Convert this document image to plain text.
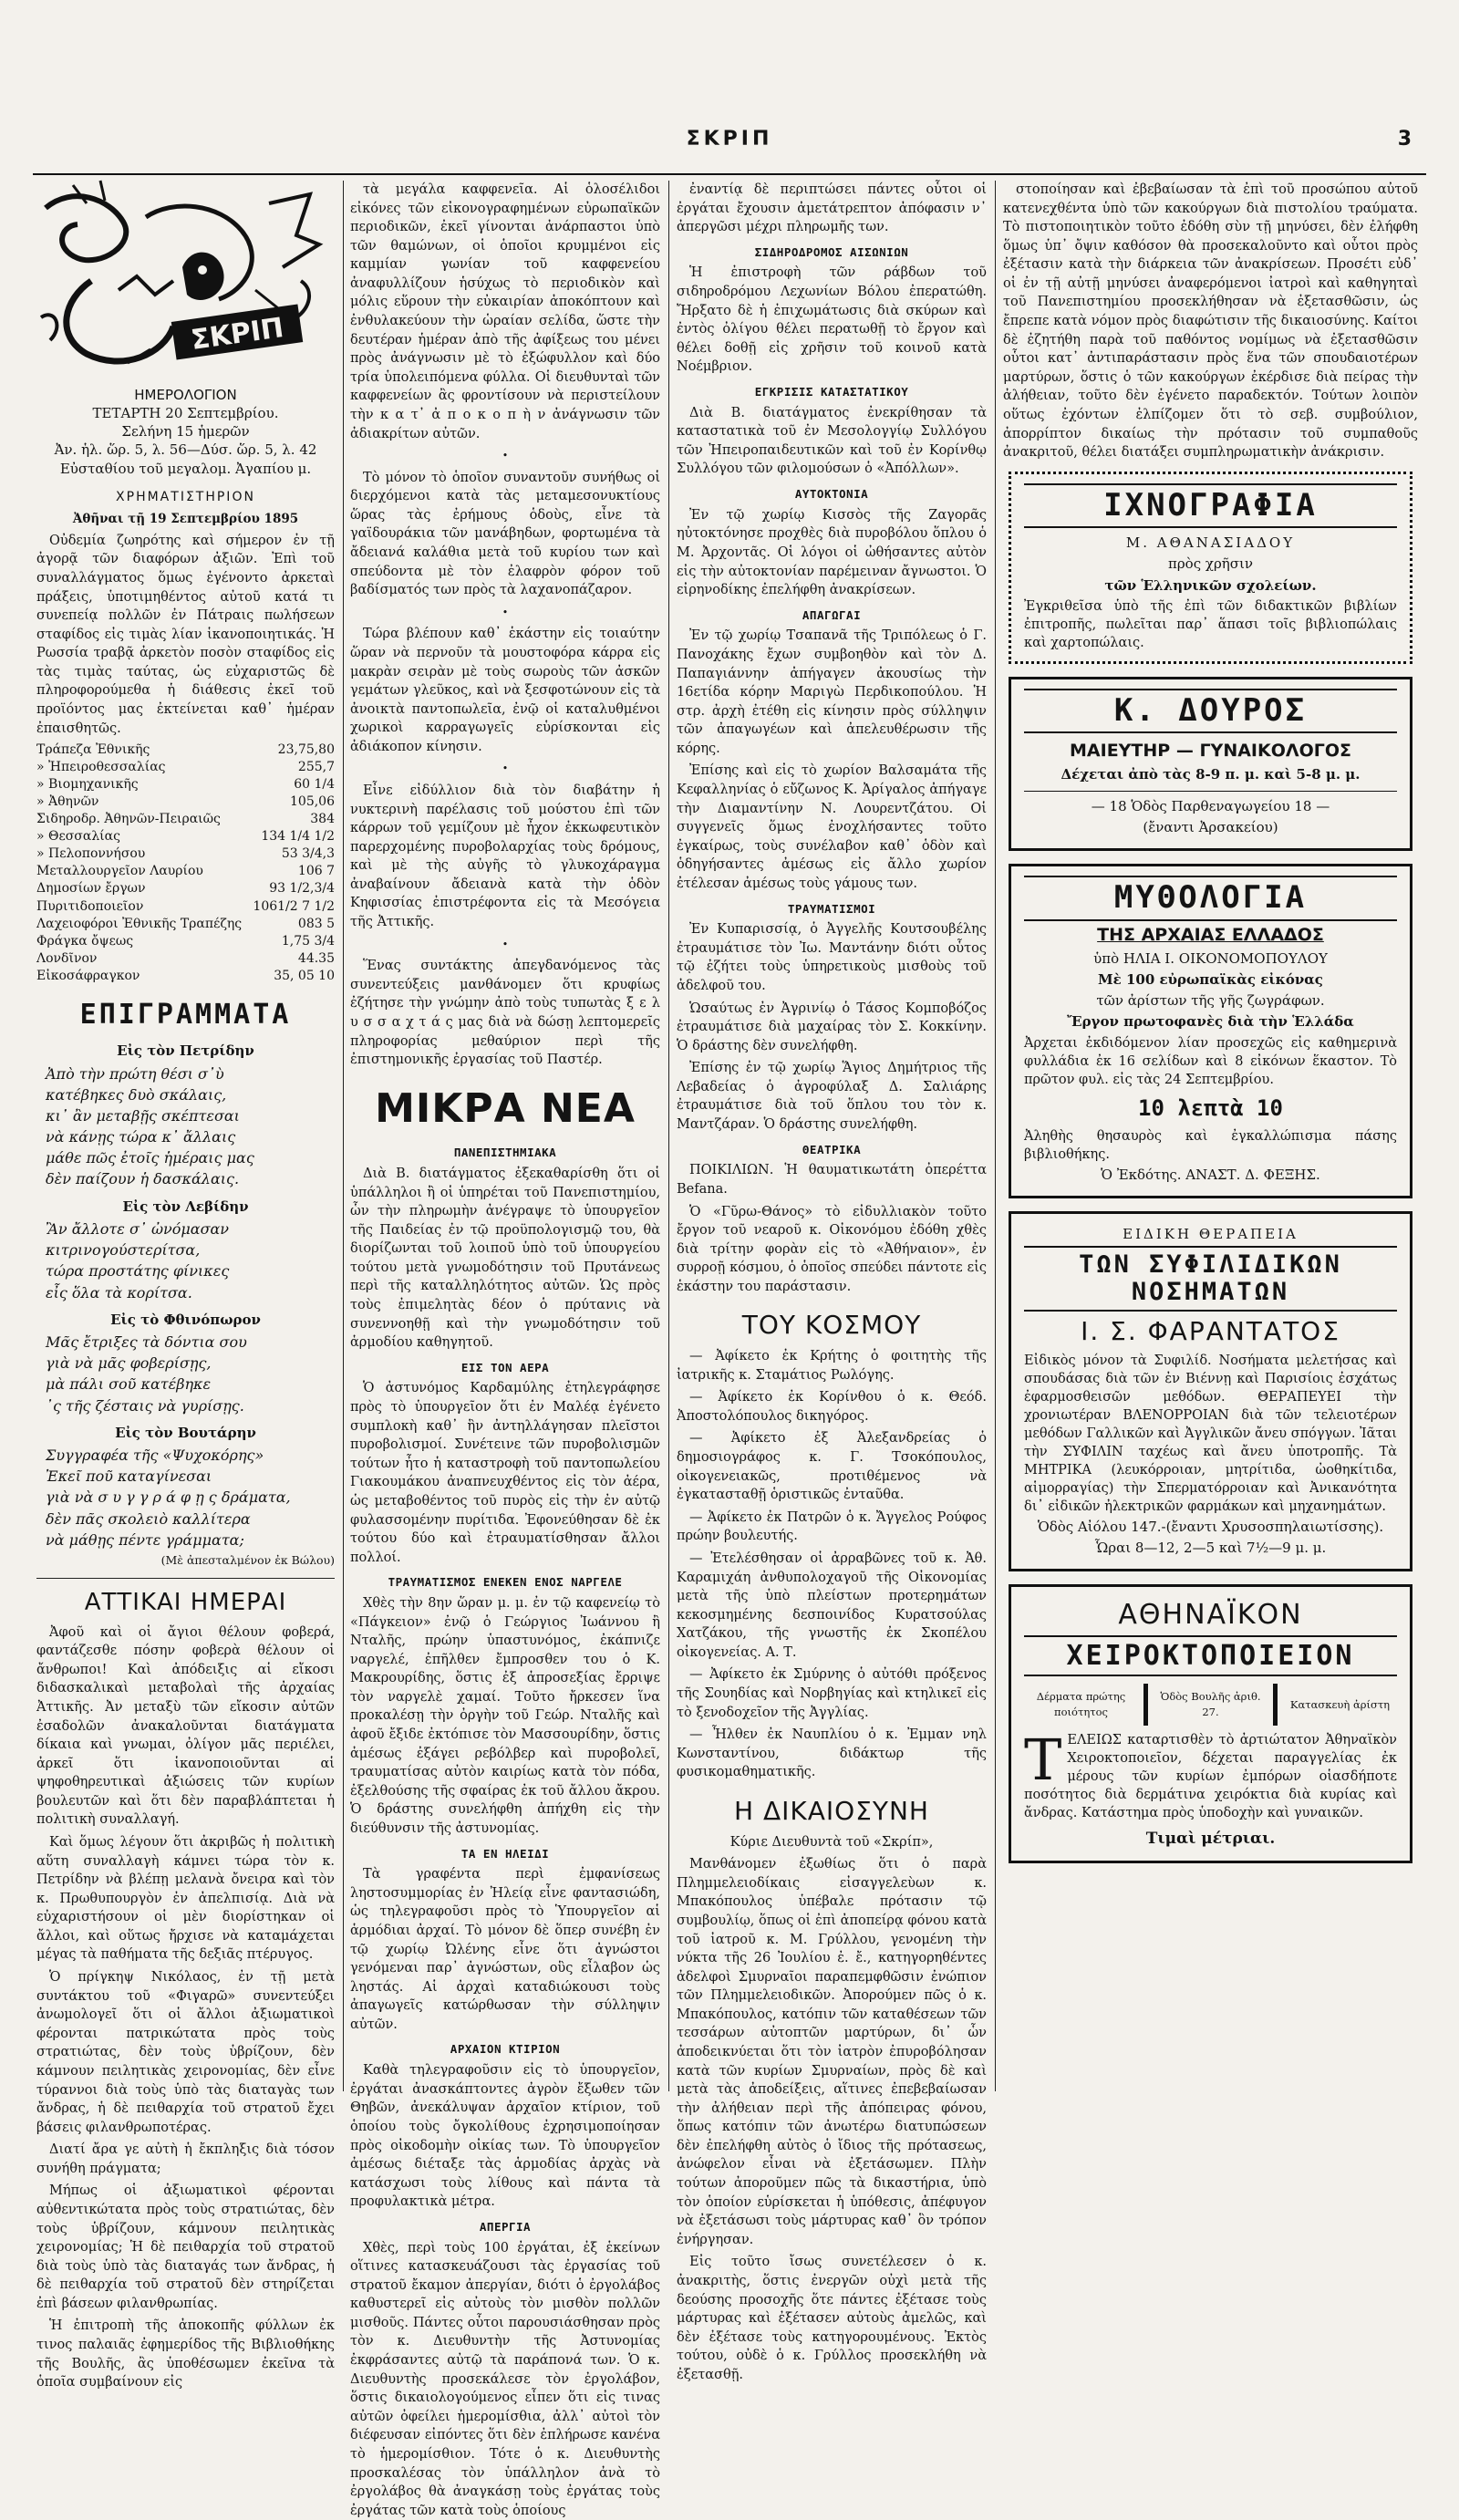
ΣΚΡΙΠ	3
ΣΚΡΙΠ
ΗΜΕΡΟΛΟΓΙΟΝ
ΤΕΤΑΡΤΗ 20 Σεπτεμβρίου.
Σελήνη 15 ἡμερῶν
Ἀν. ἡλ. ὥρ. 5, λ. 56—Δύσ. ὥρ. 5, λ. 42
Εὐσταθίου τοῦ μεγαλομ. Ἀγαπίου μ.
ΧΡΗΜΑΤΙΣΤΗΡΙΟΝ

Ἀθῆναι τῇ 19 Σεπτεμβρίου 1895

Οὐδεμία ζωηρότης καὶ σήμερον ἐν τῇ ἀγορᾷ τῶν διαφόρων ἀξιῶν. Ἐπὶ τοῦ συναλλάγματος ὅμως ἐγένοντο ἀρκεταὶ πράξεις, ὑποτιμηθέντος αὐτοῦ κατά τι συνεπείᾳ πολλῶν ἐν Πάτραις πωλήσεων σταφίδος εἰς τιμὰς λίαν ἱκανοποιητικάς. Ἡ Ρωσσία τραβᾷ ἀρκετὸν ποσὸν σταφίδος εἰς τὰς τιμὰς ταύτας, ὡς εὐχαριστῶς δὲ πληροφορούμεθα ἡ διάθεσις ἐκεῖ τοῦ προϊόντος μας ἐκτείνεται καθ᾽ ἡμέραν ἐπαισθητῶς.

Τράπεζα Ἐθνικῆς	23,75,80
» Ἠπειροθεσσαλίας	255,7
» Βιομηχανικῆς	60 1/4
» Ἀθηνῶν	105,06
Σιδηροδρ. Ἀθηνῶν-Πειραιῶς	384
» Θεσσαλίας	134 1/4 1/2
» Πελοποννήσου	53 3/4,3
Μεταλλουργεῖον Λαυρίου	106 7
Δημοσίων ἔργων	93 1/2,3/4
Πυριτιδοποιεῖον	1061/2 7 1/2
Λαχειοφόροι Ἐθνικῆς Τραπέζης	083 5
Φράγκα ὄψεως	1,75 3/4
Λονδῖνον	44.35
Εἰκοσάφραγκον	35, 05 10
ΕΠΙΓΡΑΜΜΑΤΑ
Εἰς τὸν Πετρίδην
Ἀπὸ τὴν πρώτη θέσι σ᾽ὺ
κατέβηκες δυὸ σκάλαις,
κι᾽ ἂν μεταβῇς σκέπτεσαι
νὰ κάνῃς τώρα κ᾽ ἄλλαις
μάθε πῶς ἐτοῖς ἡμέραις μας
δὲν παίζουν ἡ δασκάλαις.
Εἰς τὸν Λεβίδην
Ἂν ἄλλοτε σ᾽ ὠνόμασαν
κιτρινογούστερίτσα,
τώρα προστάτης φίνικες
εἶς ὅλα τὰ κορίτσα.
Εἰς τὸ Φθινόπωρον
Μᾶς ἔτριξες τὰ δόντια σου
γιὰ νὰ μᾶς φοβερίσῃς,
μὰ πάλι σοῦ κατέβηκε
᾿ς τῆς ζέσταις νὰ γυρίσῃς.
Εἰς τὸν Βουτάρην
Συγγραφέα τῆς «Ψυχοκόρης»
Ἐκεῖ ποῦ καταγίνεσαι
γιὰ νὰ σ υ γ γ ρ ά φ ῃ ς δράματα,
δὲν πᾶς σκολειὸ καλλίτερα
νὰ μάθῃς πέντε γράμματα;
(Μὲ ἀπεσταλμένον ἐκ Βώλου)
ΑΤΤΙΚΑΙ ΗΜΕΡΑΙ

Ἀφοῦ καὶ οἱ ἄγιοι θέλουν φοβερά, φαντάζεσθε πόσην φοβερὰ θέλουν οἱ ἄνθρωποι! Καὶ ἀπόδειξις αἱ εἴκοσι διδασκαλικαὶ μεταβολαὶ τῆς ἀρχαίας Ἀττικῆς. Ἀν μεταξὺ τῶν εἴκοσιν αὐτῶν ἐσαδολῶν ἀνακαλοῦνται διατάγματα δίκαια καὶ γνωμαι, ὀλίγον μᾶς περιέλει, ἀρκεῖ ὅτι ἱκανοποιοῦνται αἱ ψηφοθηρευτικαὶ ἀξιώσεις τῶν κυρίων βουλευτῶν καὶ ὅτι δὲν παραβλάπτεται ἡ πολιτικὴ συναλλαγή.

Καὶ ὅμως λέγουν ὅτι ἀκριβῶς ἡ πολιτικὴ αὕτη συναλλαγὴ κάμνει τώρα τὸν κ. Πετρίδην νὰ βλέπῃ μελανὰ ὄνειρα καὶ τὸν κ. Πρωθυπουργὸν ἐν ἀπελπισίᾳ. Διὰ νὰ εὐχαριστήσουν οἱ μὲν διορίστηκαν οἱ ἄλλοι, καὶ οὕτως ἤρχισε νὰ καταμάχεται μέγας τὰ παθήματα τῆς δεξιᾶς πτέρυγος.

Ὁ πρίγκηψ Νικόλαος, ἐν τῇ μετὰ συντάκτου τοῦ «Φιγαρῶ» συνεντεύξει ἀνωμολογεῖ ὅτι οἱ ἄλλοι ἀξιωματικοὶ φέρονται πατρικώτατα πρὸς τοὺς στρατιώτας, δὲν τοὺς ὑβρίζουν, δὲν κάμνουν πειλητικὰς χειρονομίας, δὲν εἶνε τύραννοι διὰ τοὺς ὑπὸ τὰς διαταγὰς των ἄνδρας, ἡ δὲ πειθαρχία τοῦ στρατοῦ ἔχει βάσεις φιλανθρωποτέρας.

Διατί ἄρα γε αὐτὴ ἡ ἔκπληξις διὰ τόσον συνήθη πράγματα;

Μήπως οἱ ἀξιωματικοὶ φέρονται αὐθεντικώτατα πρὸς τοὺς στρατιώτας, δὲν τοὺς ὑβρίζουν, κάμνουν πειλητικὰς χειρονομίας; Ἡ δὲ πειθαρχία τοῦ στρατοῦ διὰ τοὺς ὑπὸ τὰς διαταγάς των ἄνδρας, ἡ δὲ πειθαρχία τοῦ στρατοῦ δὲν στηρίζεται ἐπὶ βάσεων φιλανθρωπίας.

Ἡ ἐπιτροπὴ τῆς ἀποκοπῆς φύλλων ἐκ τινος παλαιᾶς ἐφημερίδος τῆς Βιβλιοθήκης τῆς Βουλῆς, ἂς ὑποθέσωμεν ἐκεῖνα τὰ ὁποῖα συμβαίνουν εἰς

τὰ μεγάλα καφφενεῖα. Αἱ ὁλοσέλιδοι εἰκόνες τῶν εἰκονογραφημένων εὐρωπαϊκῶν περιοδικῶν, ἐκεῖ γίνονται ἀνάρπαστοι ὑπὸ τῶν θαμώνων, οἱ ὁποῖοι κρυμμένοι εἰς καμμίαν γωνίαν τοῦ καφφενείου ἀναφυλλίζουν ἡσύχως τὸ περιοδικὸν καὶ μόλις εὕρουν τὴν εὐκαιρίαν ἀποκόπτουν καὶ ἐνθυλακεύουν τὴν ὡραίαν σελίδα, ὥστε τὴν δευτέραν ἡμέραν ἀπὸ τῆς ἀφίξεως του μένει πρὸς ἀνάγνωσιν μὲ τὸ ἐξώφυλλον καὶ δύο τρία ὑπολειπόμενα φύλλα. Οἱ διευθυνταὶ τῶν καφφενείων ἂς φροντίσουν νὰ περιστείλουν τὴν κ α τ᾽ ἀ π ο κ ο π ὴ ν ἀνάγνωσιν τῶν ἀδιακρίτων αὐτῶν.

•

Τὸ μόνον τὸ ὁποῖον συναντοῦν συνήθως οἱ διερχόμενοι κατὰ τὰς μεταμεσονυκτίους ὥρας τὰς ἐρήμους ὁδοὺς, εἶνε τὰ γαϊδουράκια τῶν μανάβηδων, φορτωμένα τὰ ἄδειανά καλάθια μετὰ τοῦ κυρίου των καὶ σπεύδοντα μὲ τὸν ἐλαφρὸν φόρον τοῦ βαδίσματός των πρὸς τὰ λαχανοπάζαρον.

•

Τώρα βλέπουν καθ᾽ ἑκάστην εἰς τοιαύτην ὥραν νὰ περνοῦν τὰ μουστοφόρα κάρρα εἰς μακρὰν σειρὰν μὲ τοὺς σωροὺς τῶν ἀσκῶν γεμάτων γλεῦκος, καὶ νὰ ξεσφοτώνουν εἰς τὰ ἀνοικτὰ παντοπωλεῖα, ἐνῷ οἱ καταλυθμένοι χωρικοὶ καρραγωγεῖς εὑρίσκονται εἰς ἀδιάκοπον κίνησιν.

•

Εἶνε εἰδύλλιον διὰ τὸν διαβάτην ἡ νυκτερινὴ παρέλασις τοῦ μούστου ἐπὶ τῶν κάρρων τοῦ γεμίζουν μὲ ἦχον ἐκκωφευτικὸν παρερχομένης πυροβολαρχίας τοὺς δρόμους, καὶ μὲ τὴς αὐγῆς τὸ γλυκοχάραγμα ἀναβαίνουν ἄδειανὰ κατὰ τὴν ὁδὸν Κηφισσίας ἐπιστρέφοντα εἰς τὰ Μεσόγεια τῆς Ἀττικῆς.

•

Ἕνας συντάκτης ἀπεγδανόμενος τὰς συνεντεύξεις μανθάνομεν ὅτι κρυφίως ἐζήτησε τὴν γνώμην ἀπὸ τοὺς τυπωτὰς ξ ε λ υ σ σ α χ τ ά ς μας διὰ νὰ δώσῃ λεπτομερεῖς πληροφορίας μεθαύριον περὶ τῆς ἐπιστημονικῆς ἐργασίας τοῦ Παστέρ.

ΜΙΚΡΑ ΝΕΑ
ΠΑΝΕΠΙΣΤΗΜΙΑΚΑ

Διὰ Β. διατάγματος ἐξεκαθαρίσθη ὅτι οἱ ὑπάλληλοι ἢ οἱ ὑπηρέται τοῦ Πανεπιστημίου, ὧν τὴν πληρωμὴν ἀνέγραψε τὸ ὑπουργεῖον τῆς Παιδείας ἐν τῷ προϋπολογισμῷ του, θὰ διορίζωνται τοῦ λοιποῦ ὑπὸ τοῦ ὑπουργείου τούτου μετὰ γνωμοδότησιν τοῦ Πρυτάνεως περὶ τῆς καταλληλότητος αὐτῶν. Ὡς πρὸς τοὺς ἐπιμελητὰς δέον ὁ πρύτανις νὰ συνεννοηθῇ καὶ τὴν γνωμοδότησιν τοῦ ἁρμοδίου καθηγητοῦ.

ΕΙΣ ΤΟΝ ΑΕΡΑ

Ὁ ἀστυνόμος Καρδαμύλης ἐτηλεγράφησε πρὸς τὸ ὑπουργεῖον ὅτι ἐν Μαλέᾳ ἐγένετο συμπλοκὴ καθ᾽ ἣν ἀντηλλάγησαν πλεῖστοι πυροβολισμοί. Συνέτεινε τῶν πυροβολισμῶν τούτων ἦτο ἡ καταστροφὴ τοῦ παντοπωλείου Γιακουμάκου ἀναπνευχθέντος εἰς τὸν ἀέρα, ὡς μεταβοθέντος τοῦ πυρὸς εἰς τὴν ἐν αὐτῷ φυλασσομένην πυρίτιδα. Ἐφονεύθησαν δὲ ἐκ τούτου δύο καὶ ἐτραυματίσθησαν ἄλλοι πολλοί.

ΤΡΑΥΜΑΤΙΣΜΟΣ ΕΝΕΚΕΝ ΕΝΟΣ ΝΑΡΓΕΛΕ

Χθὲς τὴν 8ην ὥραν μ. μ. ἐν τῷ καφενείῳ τὸ «Πάγκειον» ἐνῷ ὁ Γεώργιος Ἰωάννου ἢ Νταλῆς, πρώην ὑπαστυνόμος, ἐκάπνιζε ναργελέ, ἐπῆλθεν ἔμπροσθεν του ὁ Κ. Μακρουρίδης, ὅστις ἐξ ἀπροσεξίας ἔρριψε τὸν ναργελὲ χαμαί. Τοῦτο ἤρκεσεν ἵνα προκαλέσῃ τὴν ὀργὴν τοῦ Γεώρ. Νταλῆς καὶ ἀφοῦ ἔξιδε ἐκτόπισε τὸν Μασσουρίδην, ὅστις ἀμέσως ἐξάγει ρεβόλβερ καὶ πυροβολεῖ, τραυματίσας αὐτὸν καιρίως κατὰ τὸν πόδα, ἐξελθούσης τῆς σφαίρας ἐκ τοῦ ἄλλου ἄκρου. Ὁ δράστης συνελήφθη ἀπήχθη εἰς τὴν διεύθυνσιν τῆς ἀστυνομίας.

ΤΑ ΕΝ ΗΛΕΙΔΙ

Τὰ γραφέντα περὶ ἐμφανίσεως ληστοσυμμορίας ἐν Ἠλείᾳ εἶνε φαντασιώδη, ὡς τηλεγραφοῦσι πρὸς τὸ Ὑπουργεῖον αἱ ἁρμόδιαι ἀρχαί. Τὸ μόνον δὲ ὅπερ συνέβη ἐν τῷ χωρίῳ Ὠλένης εἶνε ὅτι ἀγνώστοι γενόμεναι παρ᾽ ἀγνώστων, οὓς εἶλαβον ὡς ληστάς. Αἱ ἀρχαὶ καταδιώκουσι τοὺς ἀπαγωγεῖς κατώρθωσαν τὴν σύλληψιν αὐτῶν.

ΑΡΧΑΙΟΝ ΚΤΙΡΙΟΝ

Καθὰ τηλεγραφοῦσιν εἰς τὸ ὑπουργεῖον, ἐργάται ἀνασκάπτοντες ἀγρὸν ἔξωθεν τῶν Θηβῶν, ἀνεκάλυψαν ἀρχαῖον κτίριον, τοῦ ὁποίου τοὺς ὄγκολίθους ἐχρησιμοποίησαν πρὸς οἰκοδομὴν οἰκίας των. Τὸ ὑπουργεῖον ἀμέσως διέταξε τὰς ἁρμοδίας ἀρχὰς νὰ κατάσχωσι τοὺς λίθους καὶ πάντα τὰ προφυλακτικὰ μέτρα.

ΑΠΕΡΓΙΑ

Χθὲς, περὶ τοὺς 100 ἐργάται, ἐξ ἑκείνων οἵτινες κατασκευάζουσι τὰς ἐργασίας τοῦ στρατοῦ ἔκαμον ἀπεργίαν, διότι ὁ ἐργολάβος καθυστερεῖ εἰς αὐτοὺς τὸν μισθὸν πολλῶν μισθοῦς. Πάντες οὗτοι παρουσιάσθησαν πρὸς τὸν κ. Διευθυντὴν τῆς Ἀστυνομίας ἐκφράσαντες αὐτῷ τὰ παράπονά των. Ὁ κ. Διευθυντὴς προσεκάλεσε τὸν ἐργολάβον, ὅστις δικαιολογούμενος εἶπεν ὅτι εἰς τινας αὐτῶν ὀφείλει ἡμερομίσθια, ἀλλ᾽ αὐτοὶ τὸν διέφευσαν εἰπόντες ὅτι δὲν ἐπλήρωσε κανένα τὸ ἡμερομίσθιον. Τότε ὁ κ. Διευθυντὴς προσκαλέσας τὸν ὑπάλληλον ἀνὰ τὸ ἐργολάβος θὰ ἀναγκάσῃ τοὺς ἐργάτας τοὺς ἐργάτας τῶν κατὰ τοὺς ὁποίους

ἐναντίᾳ δὲ περιπτώσει πάντες οὗτοι οἱ ἐργάται ἔχουσιν ἀμετάτρεπτον ἀπόφασιν ν᾽ ἀπεργῶσι μέχρι πληρωμῆς των.

ΣΙΔΗΡΟΔΡΟΜΟΣ ΑΙΣΩΝΙΩΝ

Ἡ ἐπιστροφὴ τῶν ράβδων τοῦ σιδηροδρόμου Λεχωνίων Βόλου ἐπερατώθη. Ἤρξατο δὲ ἡ ἐπιχωμάτωσις διὰ σκύρων καὶ ἐντὸς ὀλίγου θέλει περατωθῇ τὸ ἔργον καὶ θέλει δοθῇ εἰς χρῆσιν τοῦ κοινοῦ κατὰ Νοέμβριον.

ΕΓΚΡΙΣΙΣ ΚΑΤΑΣΤΑΤΙΚΟΥ

Διὰ Β. διατάγματος ἐνεκρίθησαν τὰ καταστατικὰ τοῦ ἐν Μεσολογγίῳ Συλλόγου τῶν Ἠπειροπαιδευτικῶν καὶ τοῦ ἐν Κορίνθῳ Συλλόγου τῶν φιλομούσων ὁ «Ἀπόλλων».

ΑΥΤΟΚΤΟΝΙΑ

Ἐν τῷ χωρίῳ Κισσὸς τῆς Ζαγορᾶς ηὐτοκτόνησε προχθὲς διὰ πυροβόλου ὅπλου ὁ Μ. Ἀρχοντᾶς. Οἱ λόγοι οἱ ὠθήσαντες αὐτὸν εἰς τὴν αὐτοκτονίαν παρέμειναν ἄγνωστοι. Ὁ εἰρηνοδίκης ἐπελήφθη ἀνακρίσεων.

ΑΠΑΓΩΓΑΙ

Ἐν τῷ χωρίῳ Τσαπανᾶ τῆς Τριπόλεως ὁ Γ. Πανοχάκης ἔχων συμβοηθὸν καὶ τὸν Δ. Παπαγιάννην ἀπήγαγεν ἀκουσίως τὴν 16ετίδα κόρην Μαριγὼ Περδικοπούλου. Ἡ στρ. ἀρχὴ ἐτέθη εἰς κίνησιν πρὸς σύλληψιν τῶν ἀπαγωγέων καὶ ἀπελευθέρωσιν τῆς κόρης.

Ἐπίσης καὶ εἰς τὸ χωρίον Βαλσαμάτα τῆς Κεφαλληνίας ὁ εὔζωνος Κ. Ἀρίγαλος ἀπήγαγε τὴν Διαμαντίνην Ν. Λουρεντζάτου. Οἱ συγγενεῖς ὅμως ἐνοχλήσαντες τοῦτο ἐγκαίρως, τοὺς συνέλαβον καθ᾽ ὁδὸν καὶ ὁδηγήσαντες ἀμέσως εἰς ἄλλο χωρίον ἐτέλεσαν ἀμέσως τοὺς γάμους των.

ΤΡΑΥΜΑΤΙΣΜΟΙ

Ἐν Κυπαρισσίᾳ, ὁ Ἀγγελῆς Κουτσουβέλης ἐτραυμάτισε τὸν Ἰω. Μαντάνην διότι οὗτος τῷ ἐζήτει τοὺς ὑπηρετικοὺς μισθοὺς τοῦ ἀδελφοῦ του.

Ὡσαύτως ἐν Ἀγρινίῳ ὁ Τάσος Κομποβόζος ἐτραυμάτισε διὰ μαχαίρας τὸν Σ. Κοκκίνην. Ὁ δράστης δὲν συνελήφθη.

Ἐπίσης ἐν τῷ χωρίῳ Ἅγιος Δημήτριος τῆς Λεβαδείας ὁ ἀγροφύλαξ Δ. Σαλιάρης ἐτραυμάτισε διὰ τοῦ ὅπλου του τὸν κ. Μαντζάραν. Ὁ δράστης συνελήφθη.

ΘΕΑΤΡΙΚΑ

ΠΟΙΚΙΛΙΩΝ. Ἡ θαυματικωτάτη ὀπερέττα Befana.

Ὁ «Γῦρω-Θάνος» τὸ εἰδυλλιακὸν τοῦτο ἔργον τοῦ νεαροῦ κ. Οἰκονόμου ἐδόθη χθὲς διὰ τρίτην φορὰν εἰς τὸ «Ἀθήναιον», ἐν συρροῇ κόσμου, ὁ ὁποῖος σπεύδει πάντοτε εἰς ἑκάστην του παράστασιν.

ΤΟΥ ΚΟΣΜΟΥ

— Ἀφίκετο ἐκ Κρήτης ὁ φοιτητὴς τῆς ἰατρικῆς κ. Σταμάτιος Ρωλόγης.

— Ἀφίκετο ἐκ Κορίνθου ὁ κ. Θεόδ. Ἀποστολόπουλος δικηγόρος.

— Ἀφίκετο ἐξ Ἀλεξανδρείας ὁ δημοσιογράφος κ. Γ. Τσοκόπουλος, οἰκογενειακῶς, προτιθέμενος νὰ ἐγκατασταθῇ ὁριστικῶς ἐνταῦθα.

— Ἀφίκετο ἐκ Πατρῶν ὁ κ. Ἄγγελος Ρούφος πρώην βουλευτής.

— Ἐτελέσθησαν οἱ ἀρραβῶνες τοῦ κ. Ἀθ. Καραμιχάη ἀνθυπολοχαγοῦ τῆς Οἰκονομίας μετὰ τῆς ὑπὸ πλείστων προτερημάτων κεκοσμημένης δεσποινίδος Κυρατσούλας Χατζάκου, τῆς γνωστῆς ἐκ Σκοπέλου οἰκογενείας. Α. Τ.

— Ἀφίκετο ἐκ Σμύρνης ὁ αὐτόθι πρόξενος τῆς Σουηδίας καὶ Νορβηγίας καὶ κτηλικεῖ εἰς τὸ ξενοδοχεῖον τῆς Ἀγγλίας.

— Ἦλθεν ἐκ Ναυπλίου ὁ κ. Ἐμμαν νηλ Κωνσταντίνου, διδάκτωρ τῆς φυσικομαθηματικῆς.

Η ΔΙΚΑΙΟΣΥΝΗ

Κύριε Διευθυντὰ τοῦ «Σκρίπ»,

Μανθάνομεν ἐξωθίως ὅτι ὁ παρὰ Πλημμελειοδίκαις εἰσαγγελεὺων κ. Μπακόπουλος ὑπέβαλε πρότασιν τῷ συμβουλίῳ, ὅπως οἱ ἐπὶ ἀποπείρᾳ φόνου κατὰ τοῦ ἰατροῦ κ. Μ. Γρύλλου, γενομένη τὴν νύκτα τῆς 26 Ἰουλίου ἐ. ἔ., κατηγορηθέντες ἀδελφοὶ Σμυρναῖοι παραπεμφθῶσιν ἐνώπιον τῶν Πλημμελειοδικῶν. Ἀπορούμεν πῶς ὁ κ. Μπακόπουλος, κατόπιν τῶν καταθέσεων τῶν τεσσάρων αὐτοπτῶν μαρτύρων, δι᾽ ὧν ἀποδεικνύεται ὅτι τὸν ἰατρὸν ἐπυροβόλησαν κατὰ τῶν κυρίων Σμυρναίων, πρὸς δὲ καὶ μετὰ τὰς ἀποδείξεις, αἵτινες ἐπεβεβαίωσαν τὴν ἀλήθειαν περὶ τῆς ἀπόπειρας φόνου, ὅπως κατόπιν τῶν ἀνωτέρω διατυπώσεων δὲν ἐπελήφθη αὐτὸς ὁ ἴδιος τῆς πρότασεως, ἀνώφελον εἶναι νὰ ἐξετάσωμεν. Πλὴν τούτων ἀποροῦμεν πῶς τὰ δικαστήρια, ὑπὸ τὸν ὁποίον εὑρίσκεται ἡ ὑπόθεσις, ἀπέφυγον νὰ ἐξετάσωσι τοὺς μάρτυρας καθ᾽ ὃν τρόπον ἐνήργησαν.

Εἰς τοῦτο ἴσως συνετέλεσεν ὁ κ. ἀνακριτὴς, ὅστις ἐνεργῶν οὐχὶ μετὰ τῆς δεούσης προσοχῆς ὅτε πάντες ἐξέτασε τοὺς μάρτυρας καὶ ἐξέτασεν αὐτοὺς ἀμελῶς, καὶ δὲν ἐξέτασε τοὺς κατηγορουμένους. Ἐκτὸς τούτου, οὐδὲ ὁ κ. Γρύλλος προσεκλήθη νὰ ἐξετασθῇ.

στοποίησαν καὶ ἐβεβαίωσαν τὰ ἐπὶ τοῦ προσώπου αὐτοῦ κατενεχθέντα ὑπὸ τῶν κακούργων διὰ πιστολίου τραύματα. Τὸ πιστοποιητικὸν τοῦτο ἐδόθη σὺν τῇ μηνύσει, δὲν ἐλήφθη ὅμως ὑπ᾽ ὄψιν καθόσον θὰ προσεκαλοῦντο καὶ οὗτοι πρὸς ἐξέτασιν κατὰ τὴν διάρκεια τῶν ἀνακρίσεων. Προσέτι εὐδ᾽ οἱ ἐν τῇ αὐτῇ μηνύσει ἀναφερόμενοι ἰατροὶ καὶ καθηγηταὶ τοῦ Πανεπιστημίου προσεκλήθησαν νὰ ἐξετασθῶσιν, ὡς ἔπρεπε κατὰ νόμον πρὸς διαφώτισιν τῆς δικαιοσύνης. Καίτοι δὲ ἐζητήθη παρὰ τοῦ παθόντος νομίμως νὰ ἐξετασθῶσιν οὗτοι κατ᾽ ἀντιπαράστασιν πρὸς ἕνα τῶν σπουδαιοτέρων μαρτύρων, ὅστις ὁ τῶν κακούργων ἐκέρδισε διὰ πείρας τὴν ἀλήθειαν, τοῦτο δὲν ἐγένετο παραδεκτόν. Τούτων λοιπὸν οὕτως ἐχόντων ἐλπίζομεν ὅτι τὸ σεβ. συμβούλιον, ἀπορρίπτον δικαίως τὴν πρότασιν τοῦ συμπαθοῦς ἀνακριτοῦ, θέλει διατάξει συμπληρωματικὴν ἀνάκρισιν.

ΙΧΝΟΓΡΑΦΙΑ
Μ. ΑΘΑΝΑΣΙΑΔΟΥ
πρὸς χρῆσιν
τῶν Ἑλληνικῶν σχολείων.
Ἐγκριθεῖσα ὑπὸ τῆς ἐπὶ τῶν διδακτικῶν βιβλίων ἐπιτροπῆς, πωλεῖται παρ᾽ ἅπασι τοῖς βιβλιοπώλαις καὶ χαρτοπώλαις.
Κ. ΔΟΥΡΟΣ
ΜΑΙΕΥΤΗΡ — ΓΥΝΑΙΚΟΛΟΓΟΣ
Δέχεται ἀπὸ τὰς 8-9 π. μ. καὶ 5-8 μ. μ.
— 18 Ὁδὸς Παρθεναγωγείου 18 —
(ἔναντι Ἀρσακείου)
ΜΥΘΟΛΟΓΙΑ
ΤΗΣ ΑΡΧΑΙΑΣ ΕΛΛΑΔΟΣ
ὑπὸ ΗΛΙΑ Ι. ΟΙΚΟΝΟΜΟΠΟΥΛΟΥ
Μὲ 100 εὐρωπαϊκὰς εἰκόνας
τῶν ἀρίστων τῆς γῆς ζωγράφων.
Ἔργον πρωτοφανὲς διὰ τὴν Ἑλλάδα
Ἀρχεται ἐκδιδόμενον λίαν προσεχῶς εἰς καθημερινὰ φυλλάδια ἐκ 16 σελίδων καὶ 8 εἰκόνων ἕκαστον. Τὸ πρῶτον φυλ. εἰς τὰς 24 Σεπτεμβρίου.
10 λεπτὰ 10
Ἀληθὴς θησαυρὸς καὶ ἐγκαλλώπισμα πάσης βιβλιοθήκης.
Ὁ Ἐκδότης. ΑΝΑΣΤ. Δ. ΦΕΞΗΣ.
ΕΙΔΙΚΗ ΘΕΡΑΠΕΙΑ
ΤΩΝ ΣΥΦΙΛΙΔΙΚΩΝ ΝΟΣΗΜΑΤΩΝ
Ι. Σ. ΦΑΡΑΝΤΑΤΟΣ
Εἰδικὸς μόνον τὰ Συφιλίδ. Νοσήματα μελετήσας καὶ σπουδάσας διὰ τῶν ἐν Βιέννῃ καὶ Παρισίοις ἐσχάτως ἐφαρμοσθεισῶν μεθόδων. ΘΕΡΑΠΕΥΕΙ τὴν χρονιωτέραν ΒΛΕΝΟΡΡΟΙΑΝ διὰ τῶν τελειοτέρων μεθόδων Γαλλικῶν καὶ Ἀγγλικῶν ἄνευ σπόγγων. Ἰᾶται τὴν ΣΥΦΙΛΙΝ ταχέως καὶ ἄνευ ὑποτροπῆς. Τὰ ΜΗΤΡΙΚΑ (λευκόρροιαν, μητρίτιδα, ὠοθηκίτιδα, αἱμορραγίας) τὴν Σπερματόρροιαν καὶ Ἀνικανότητα δι᾽ εἰδικῶν ἠλεκτρικῶν φαρμάκων καὶ μηχανημάτων.
Ὁδὸς Αἰόλου 147.-(ἔναντι Χρυσοσπηλαιωτίσσης).
Ὧραι 8—12, 2—5 καὶ 7½—9 μ. μ.
ΑΘΗΝΑΪΚΟΝ
ΧΕΙΡΟΚΤΟΠΟΙΕΙΟΝ
Δέρματα πρώτης ποιότητος
Ὁδὸς Βουλῆς ἀριθ. 27.
Κατασκευὴ ἀρίστη
Τ ΕΛΕΙΩΣ καταρτισθὲν τὸ ἀρτιώτατον Ἀθηναϊκὸν Χειροκτοποιεῖον, δέχεται παραγγελίας ἐκ μέρους τῶν κυρίων ἐμπόρων οἱασδήποτε ποσότητος διὰ δερμάτινα χειρόκτια διὰ κυρίας καὶ ἄνδρας. Κατάστημα πρὸς ὑποδοχὴν καὶ γυναικῶν.
Τιμαὶ μέτριαι.
